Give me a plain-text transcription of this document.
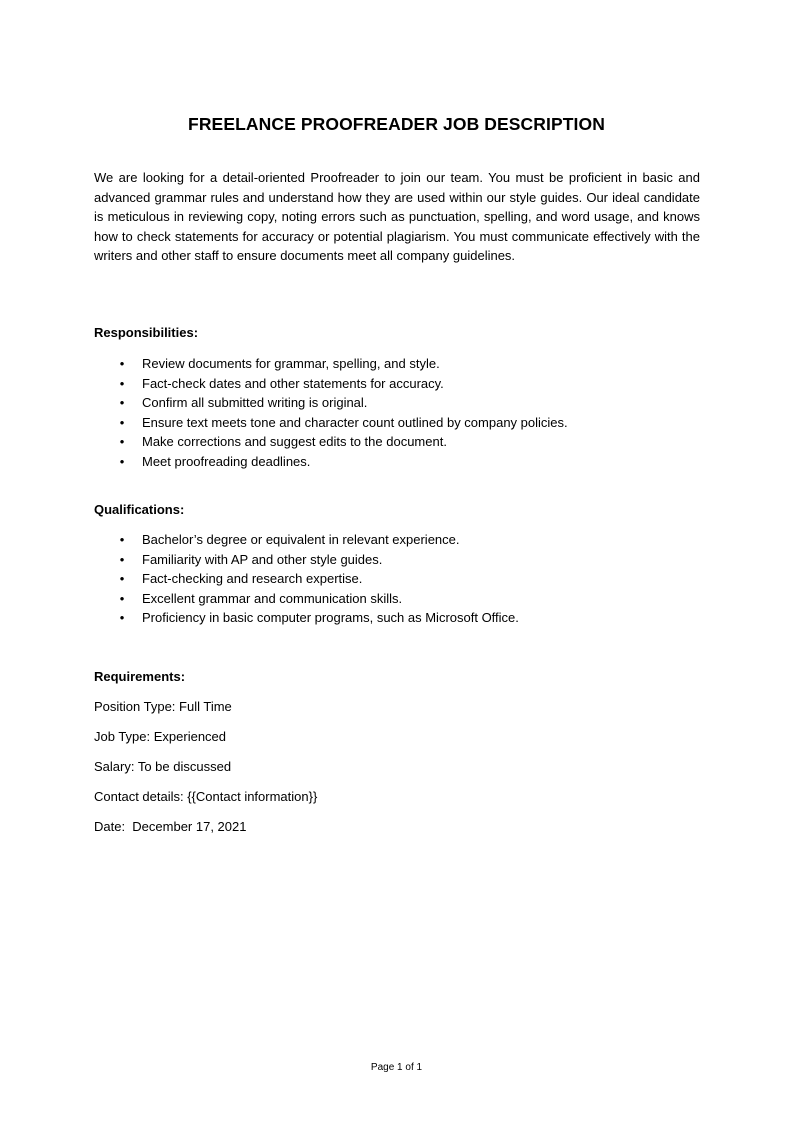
FREELANCE PROOFREADER JOB DESCRIPTION

We are looking for a detail-oriented Proofreader to join our team. You must be proficient in basic and advanced grammar rules and understand how they are used within our style guides. Our ideal candidate is meticulous in reviewing copy, noting errors such as punctuation, spelling, and word usage, and knows how to check statements for accuracy or potential plagiarism. You must communicate effectively with the writers and other staff to ensure documents meet all company guidelines.

Responsibilities:

• Review documents for grammar, spelling, and style.
• Fact-check dates and other statements for accuracy.
• Confirm all submitted writing is original.
• Ensure text meets tone and character count outlined by company policies.
• Make corrections and suggest edits to the document.
• Meet proofreading deadlines.

Qualifications:

• Bachelor’s degree or equivalent in relevant experience.
• Familiarity with AP and other style guides.
• Fact-checking and research expertise.
• Excellent grammar and communication skills.
• Proficiency in basic computer programs, such as Microsoft Office.

Requirements:

Position Type: Full Time

Job Type: Experienced

Salary: To be discussed

Contact details: {{Contact information}}

Date:  December 17, 2021

Page 1 of 1
